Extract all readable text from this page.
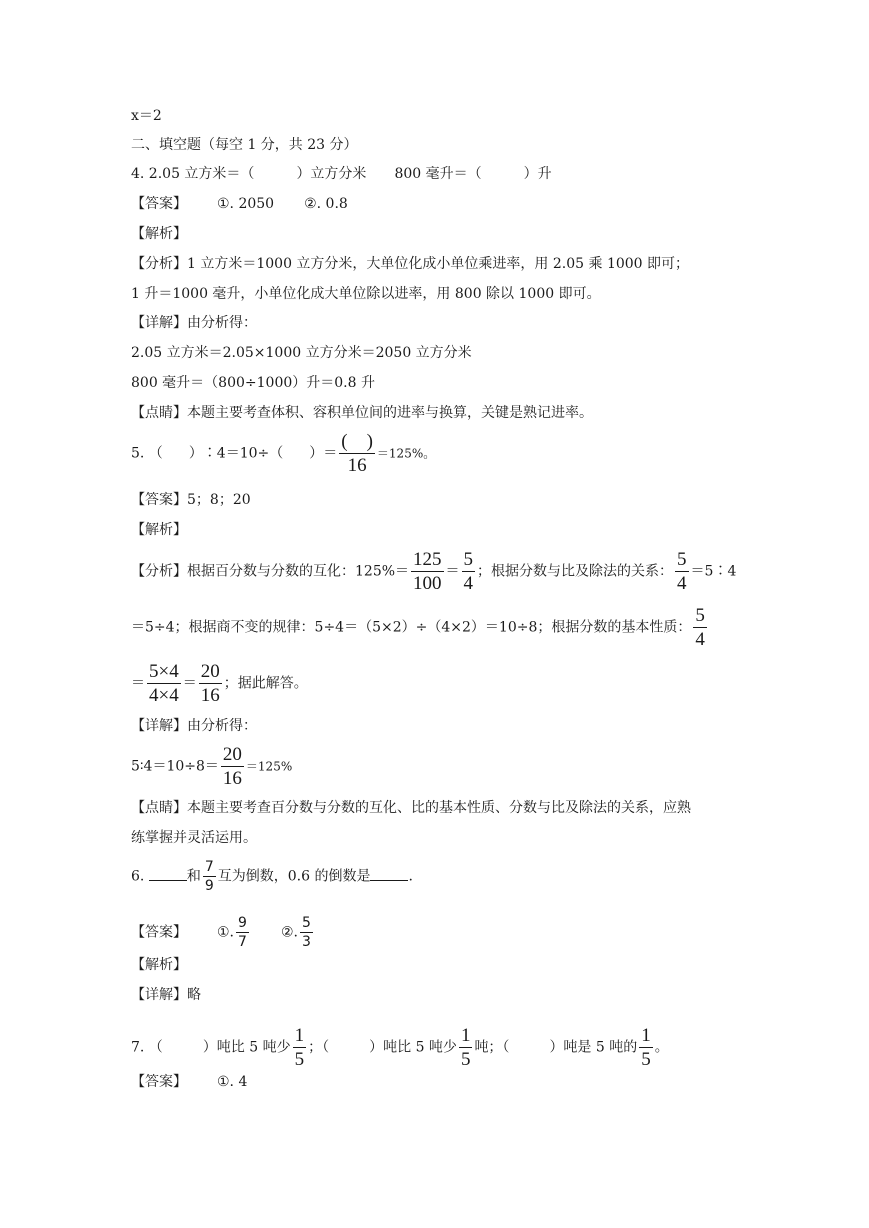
x＝2
二、填空题（每空 1 分，共 23 分）
4. 2.05 立方米＝（	）立方分米 800 毫升＝（	）升
【答案】 ①. 2050 ②. 0.8
【解析】
【分析】1 立方米＝1000 立方分米，大单位化成小单位乘进率，用 2.05 乘 1000 即可；
1 升＝1000 毫升，小单位化成大单位除以进率，用 800 除以 1000 即可。
【详解】由分析得：
2.05 立方米＝2.05×1000 立方分米＝2050 立方分米
800 毫升＝（800÷1000）升＝0.8 升
【点睛】本题主要考查体积、容积单位间的进率与换算，关键是熟记进率。
5. （ ）∶4＝10÷（ ）＝ $\frac{( )}{16} =125\%$。
【答案】5；8；20
【解析】
【分析】根据百分数与分数的互化：$125\%= \frac{125}{100} = \frac{5}{4}$ ；根据分数与比及除法的关系： $\frac{5}{4}$ ＝5∶4
＝5÷4；根据商不变的规律：5÷4＝（5×2）÷（4×2）＝10÷8；根据分数的基本性质： $\frac{5}{4}$
＝ $\frac{5\times 4}{4\times 4} = \frac{20}{16}$ ；据此解答。
【详解】由分析得：
5∶4＝10÷8＝ $\frac{20}{16} =125\%$
【点睛】本题主要考查百分数与分数的互化、比的基本性质、分数与比及除法的关系，应熟
练掌握并灵活运用。
6.	和 $\frac{7}{9}$ 互为倒数，0.6 的倒数是	.
【答案】 ①. $\frac{9}{7}$ ②. $\frac{5}{3}$
【解析】
【详解】略
7. （	）吨比 5 吨少 $\frac{1}{5}$ ；（	）吨比 5 吨少 $\frac{1}{5}$ 吨；（	）吨是 5 吨的 $\frac{1}{5}$ 。
【答案】 ①. 4
